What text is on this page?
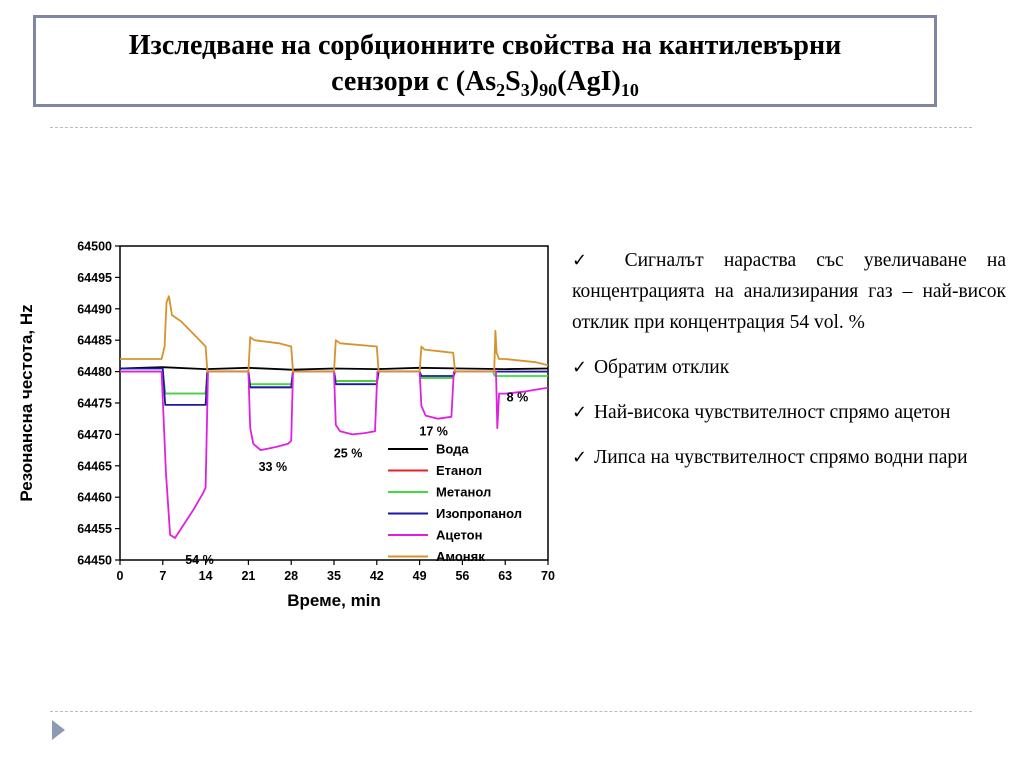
Изследване на сорбционните свойства на кантилевърни
сензори с $(As_2S_3)_{90}(AgI)_{10}$
64450
64455
64460
64465
64470
64475
64480
64485
64490
64495
64500
0	7	14 21 28 35 42 49 56 63 70
Време, min
Резонансна честота, Hz
54 %
33 %
25 %
17 %
8 %
Вода
Етанол
Метанол
Изопропанол
Ацетон
Амоняк
✓ Сигналът нараства със увеличаване на концентрацията на анализирания газ – най-висок отклик при концентрация 54 vol. %
✓ Обратим отклик
✓ Най-висока чувствителност спрямо ацетон
✓ Липса на чувствителност спрямо водни пари
